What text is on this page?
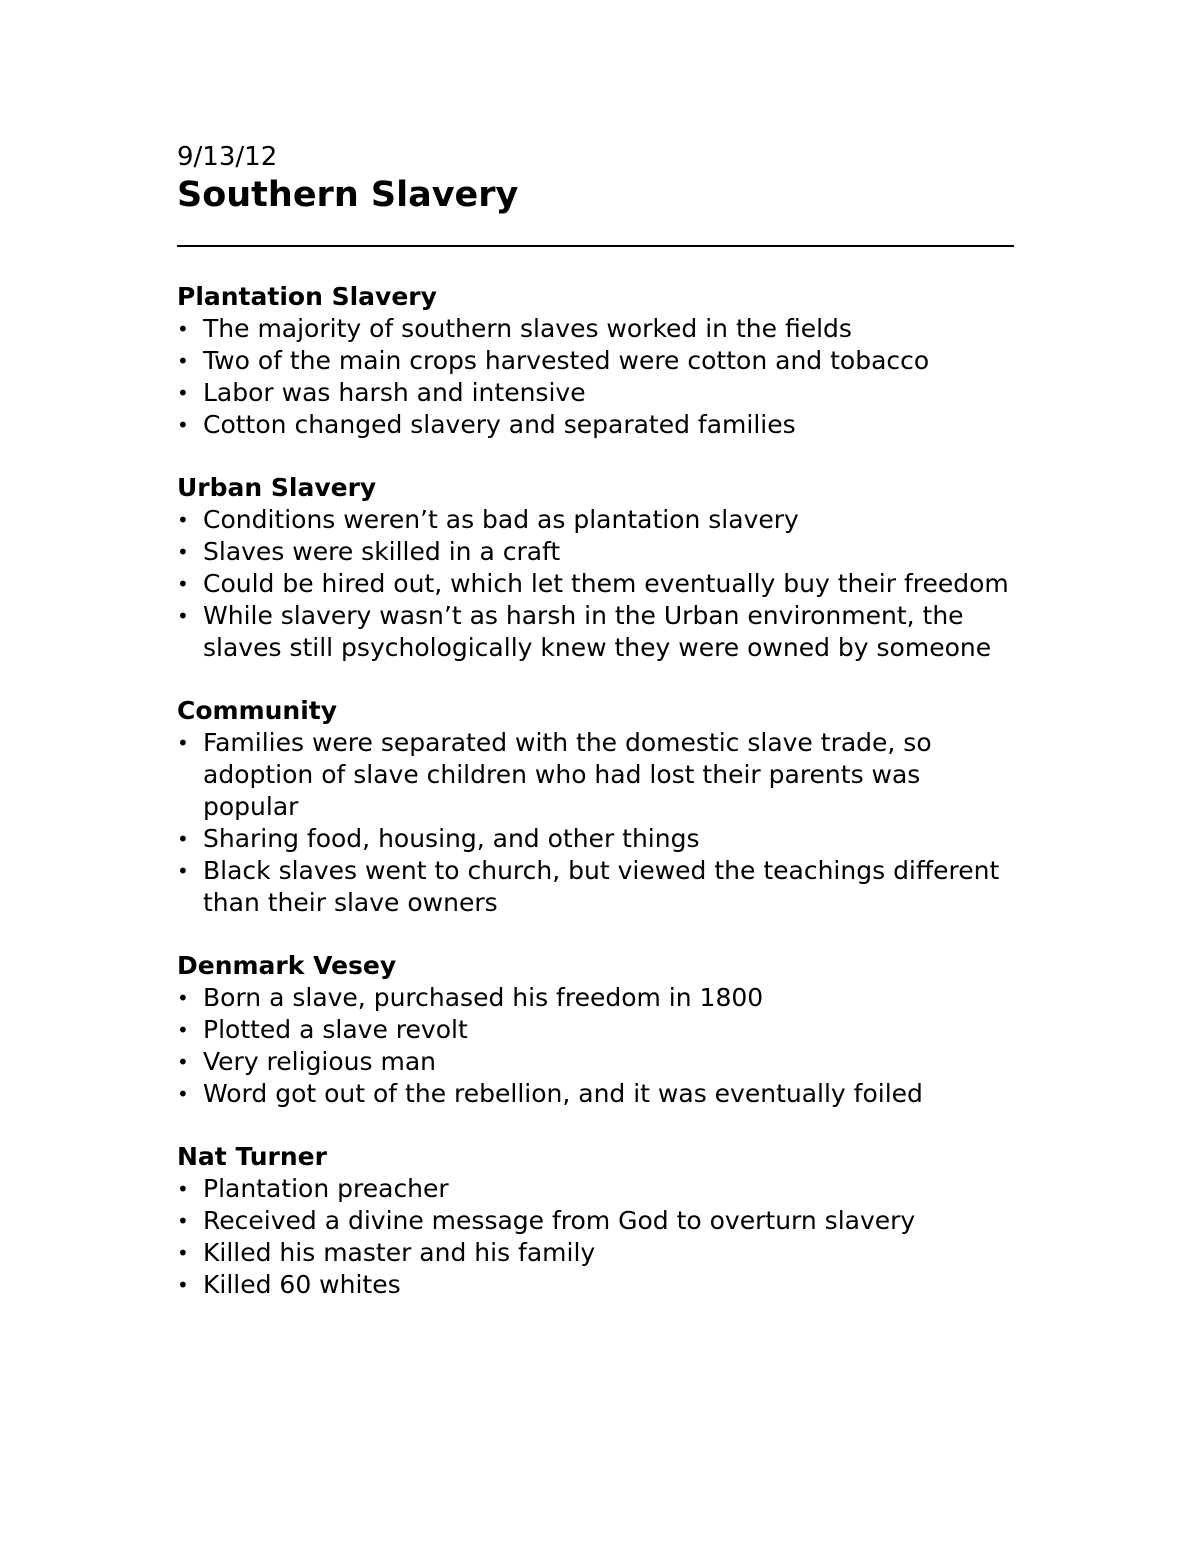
9/13/12

Southern Slavery
Plantation Slavery
• The majority of southern slaves worked in the fields
• Two of the main crops harvested were cotton and tobacco
• Labor was harsh and intensive
• Cotton changed slavery and separated families
Urban Slavery
• Conditions weren’t as bad as plantation slavery
• Slaves were skilled in a craft
• Could be hired out, which let them eventually buy their freedom
• While slavery wasn’t as harsh in the Urban environment, the slaves still psychologically knew they were owned by someone
Community
• Families were separated with the domestic slave trade, so adoption of slave children who had lost their parents was popular
• Sharing food, housing, and other things
• Black slaves went to church, but viewed the teachings different than their slave owners
Denmark Vesey
• Born a slave, purchased his freedom in 1800
• Plotted a slave revolt
• Very religious man
• Word got out of the rebellion, and it was eventually foiled
Nat Turner
• Plantation preacher
• Received a divine message from God to overturn slavery
• Killed his master and his family
• Killed 60 whites
